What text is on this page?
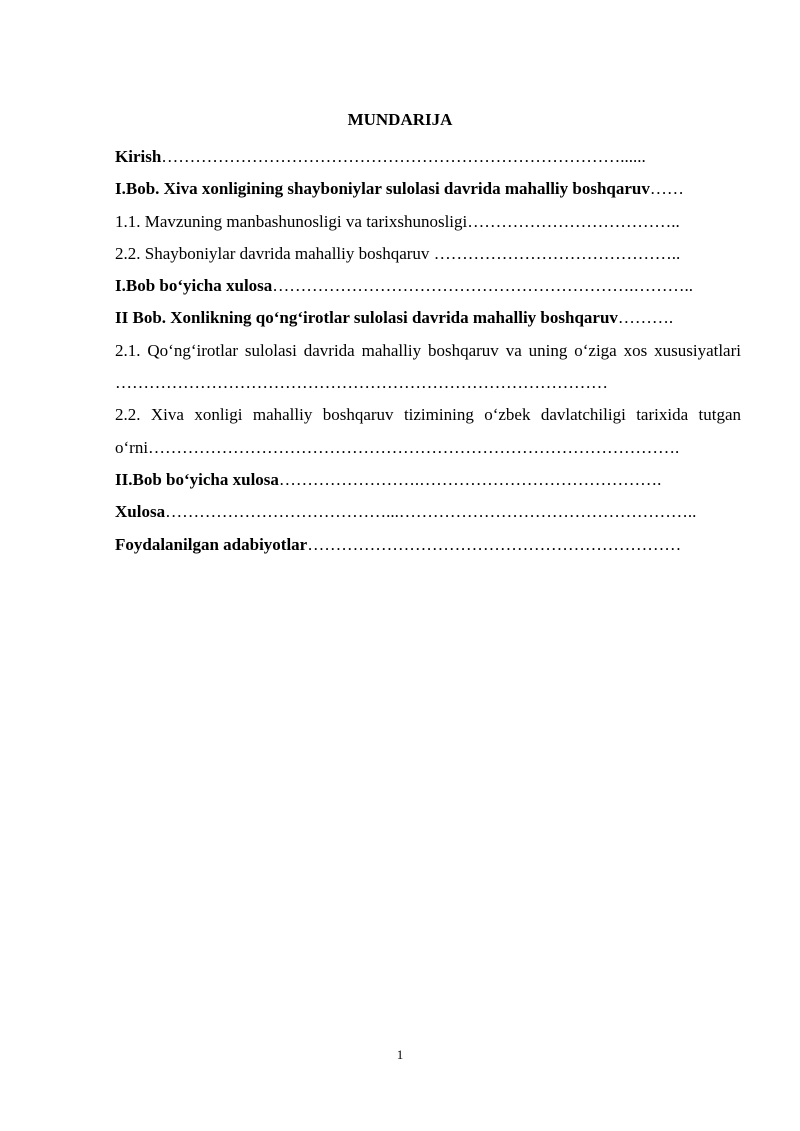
MUNDARIJA

Kirish………………………………………………………………………......

I.Bob. Xiva xonligining shayboniylar sulolasi davrida mahalliy boshqaruv……

1.1. Mavzuning manbashunosligi va tarixshunosligi………………………………..

2.2. Shayboniylar davrida mahalliy boshqaruv ……………………………………..

I.Bob bo‘yicha xulosa……………………………………………………….………..

II Bob. Xonlikning qo‘ng‘irotlar sulolasi davrida mahalliy boshqaruv……….

2.1. Qo‘ng‘irotlar sulolasi davrida mahalliy boshqaruv va uning o‘ziga xos xususiyatlari ……………………………………………………………………………

2.2. Xiva xonligi mahalliy boshqaruv tizimining o‘zbek davlatchiligi tarixida tutgan o‘rni………………………………………………………………………………….

II.Bob bo‘yicha xulosa…………………….…………………………………….

Xulosa…………………………………...……………………………………………..

Foydalanilgan adabiyotlar…………………………………………………………

1
